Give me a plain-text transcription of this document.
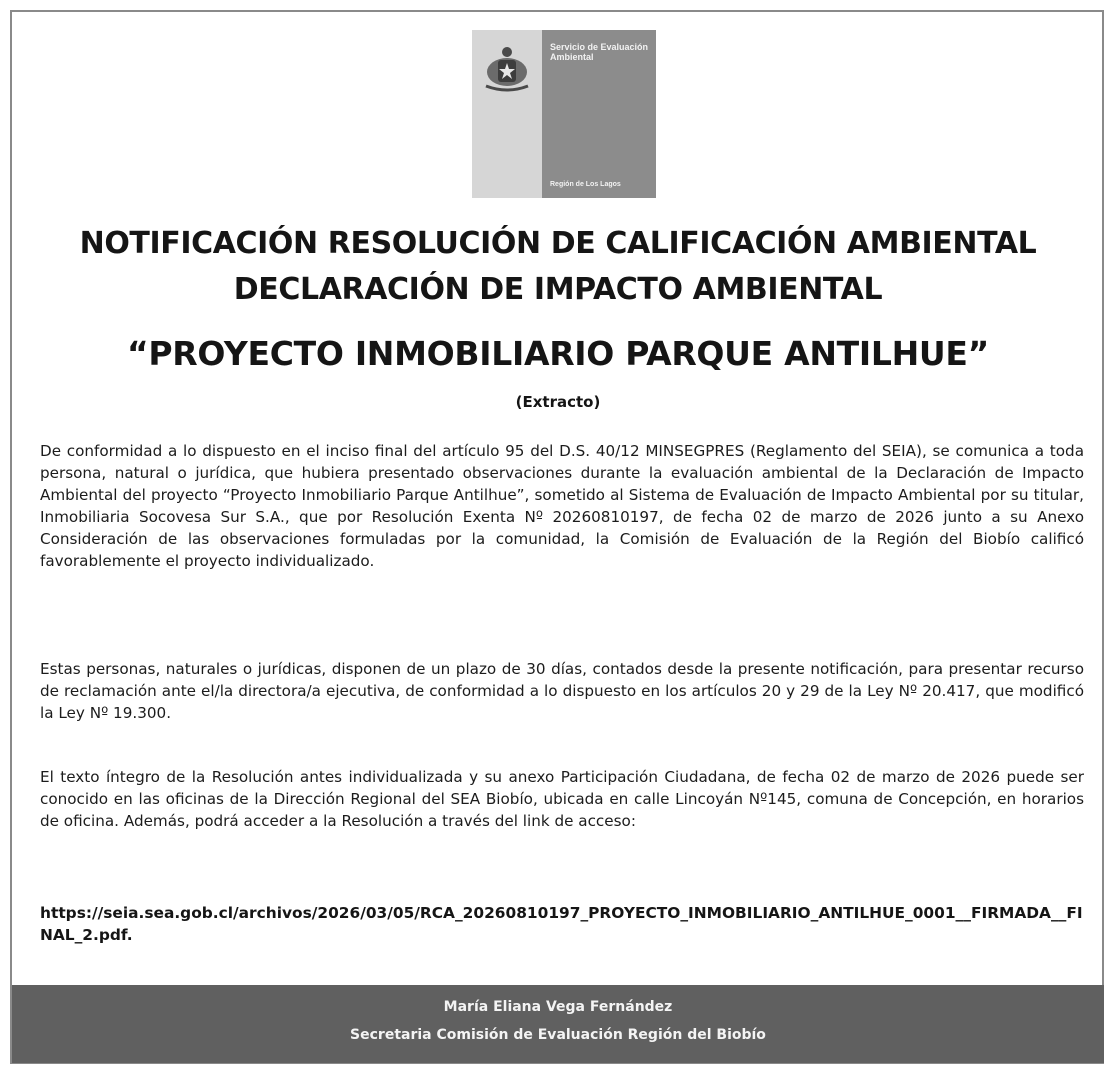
Servicio de Evaluación Ambiental
Región de Los Lagos
NOTIFICACIÓN RESOLUCIÓN DE CALIFICACIÓN AMBIENTAL
DECLARACIÓN DE IMPACTO AMBIENTAL
“PROYECTO INMOBILIARIO PARQUE ANTILHUE”
(Extracto)
De conformidad a lo dispuesto en el inciso final del artículo 95 del D.S. 40/12 MINSEGPRES (Reglamento del SEIA), se comunica a toda persona, natural o jurídica, que hubiera presentado observaciones durante la evaluación ambiental de la Declaración de Impacto Ambiental del proyecto “Proyecto Inmobiliario Parque Antilhue”, sometido al Sistema de Evaluación de Impacto Ambiental por su titular, Inmobiliaria Socovesa Sur S.A., que por Resolución Exenta Nº 20260810197, de fecha 02 de marzo de 2026 junto a su Anexo Consideración de las observaciones formuladas por la comunidad, la Comisión de Evaluación de la Región del Biobío calificó favorablemente el proyecto individualizado.
Estas personas, naturales o jurídicas, disponen de un plazo de 30 días, contados desde la presente notificación, para presentar recurso de reclamación ante el/la directora/a ejecutiva, de conformidad a lo dispuesto en los artículos 20 y 29 de la Ley Nº 20.417, que modificó la Ley Nº 19.300.
El texto íntegro de la Resolución antes individualizada y su anexo Participación Ciudadana, de fecha 02 de marzo de 2026 puede ser conocido en las oficinas de la Dirección Regional del SEA Biobío, ubicada en calle Lincoyán Nº145, comuna de Concepción, en horarios de oficina. Además, podrá acceder a la Resolución a través del link de acceso:
https://seia.sea.gob.cl/archivos/2026/03/05/RCA_20260810197_PROYECTO_INMOBILIARIO_ANTILHUE_0001__FIRMADA__FINAL_2.pdf.
María Eliana Vega Fernández
Secretaria Comisión de Evaluación Región del Biobío
